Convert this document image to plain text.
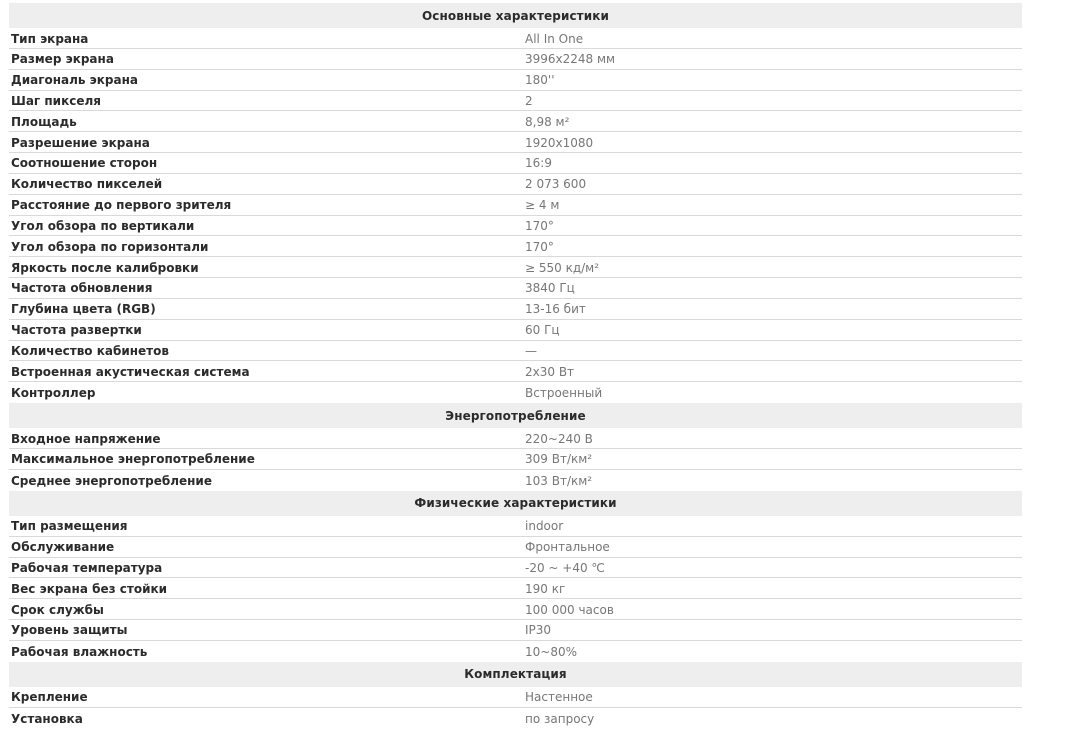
Основные характеристики
Тип экрана	All In One
Размер экрана	3996x2248 мм
Диагональ экрана	180''
Шаг пикселя	2
Площадь	8,98 м²
Разрешение экрана	1920x1080
Соотношение сторон	16:9
Количество пикселей	2 073 600
Расстояние до первого зрителя	≥ 4 м
Угол обзора по вертикали	170°
Угол обзора по горизонтали	170°
Яркость после калибровки	≥ 550 кд/м²
Частота обновления	3840 Гц
Глубина цвета (RGB)	13-16 бит
Частота развертки	60 Гц
Количество кабинетов	—
Встроенная акустическая система	2x30 Вт
Контроллер	Встроенный
Энергопотребление
Входное напряжение	220~240 В
Максимальное энергопотребление	309 Вт/км²
Среднее энергопотребление	103 Вт/км²
Физические характеристики
Тип размещения	indoor
Обслуживание	Фронтальное
Рабочая температура	-20 ~ +40 ℃
Вес экрана без стойки	190 кг
Срок службы	100 000 часов
Уровень защиты	IP30
Рабочая влажность	10~80%
Комплектация
Крепление	Настенное
Установка	по запросу
